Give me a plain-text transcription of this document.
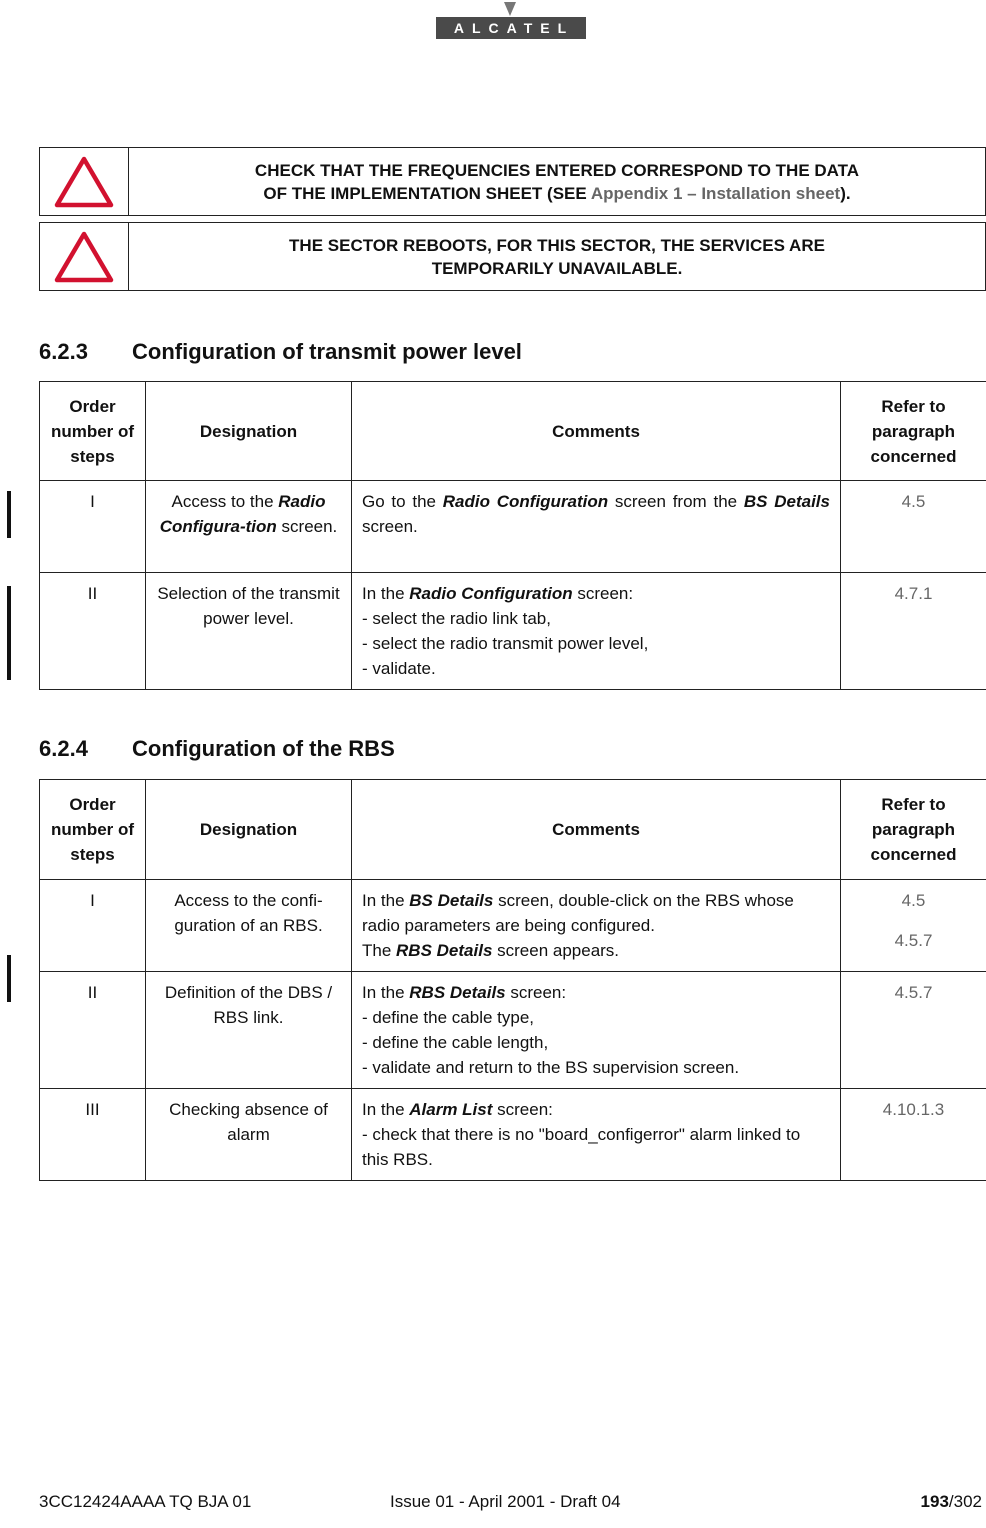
ALCATEL
CHECK THAT THE FREQUENCIES ENTERED CORRESPOND TO THE DATA
OF THE IMPLEMENTATION SHEET (SEE Appendix 1 – Installation sheet).
THE SECTOR REBOOTS, FOR THIS SECTOR, THE SERVICES ARE
TEMPORARILY UNAVAILABLE.
6.2.3 Configuration of transmit power level
Order number of steps	Designation	Comments	Refer to paragraph concerned
I	Access to the Radio Configura-tion screen.	Go to the Radio Configuration screen from the BS Details screen.	4.5
II	Selection of the transmit power level.	In the Radio Configuration screen:
- select the radio link tab,
- select the radio transmit power level,
- validate.	4.7.1
6.2.4 Configuration of the RBS
Order number of steps	Designation	Comments	Refer to paragraph concerned
I	Access to the confi-guration of an RBS.	In the BS Details screen, double-click on the RBS whose radio parameters are being configured.
The RBS Details screen appears.	4.5
4.5.7

II	Definition of the DBS / RBS link.	In the RBS Details screen:
- define the cable type,
- define the cable length,
- validate and return to the BS supervision screen.	4.5.7
III	Checking absence of alarm	In the Alarm List screen:
- check that there is no "board_configerror" alarm linked to this RBS.	4.10.1.3
3CC12424AAAA TQ BJA 01	Issue 01 - April 2001 - Draft 04	193/302
